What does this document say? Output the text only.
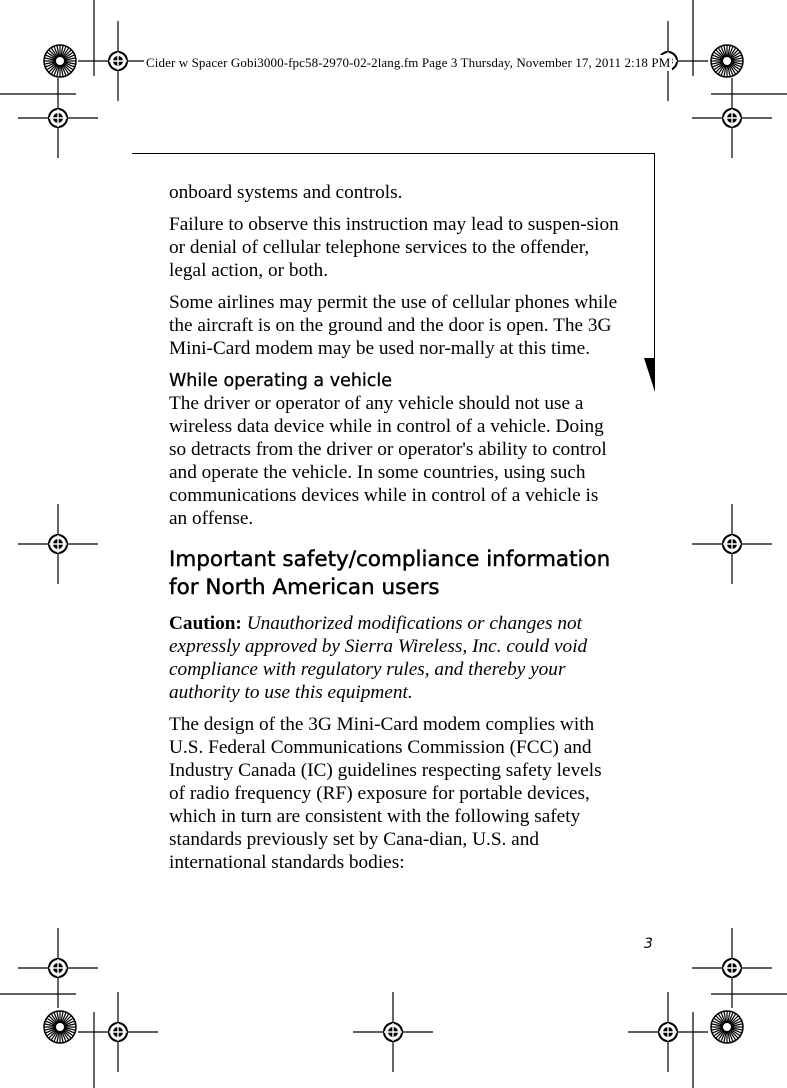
Cider w Spacer Gobi3000-fpc58-2970-02-2lang.fm Page 3 Thursday, November 17, 2011 2:18 PM

onboard systems and controls.

Failure to observe this instruction may lead to suspen-sion or denial of cellular telephone services to the offender, legal action, or both.

Some airlines may permit the use of cellular phones while the aircraft is on the ground and the door is open. The 3G Mini-Card modem may be used nor-mally at this time.

While operating a vehicle

The driver or operator of any vehicle should not use a wireless data device while in control of a vehicle. Doing so detracts from the driver or operator's ability to control and operate the vehicle. In some countries, using such communications devices while in control of a vehicle is an offense.

Important safety/compliance information for North American users

Caution: Unauthorized modifications or changes not expressly approved by Sierra Wireless, Inc. could void compliance with regulatory rules, and thereby your authority to use this equipment.

The design of the 3G Mini-Card modem complies with U.S. Federal Communications Commission (FCC) and Industry Canada (IC) guidelines respecting safety levels of radio frequency (RF) exposure for portable devices, which in turn are consistent with the following safety standards previously set by Cana-dian, U.S. and international standards bodies:

3
